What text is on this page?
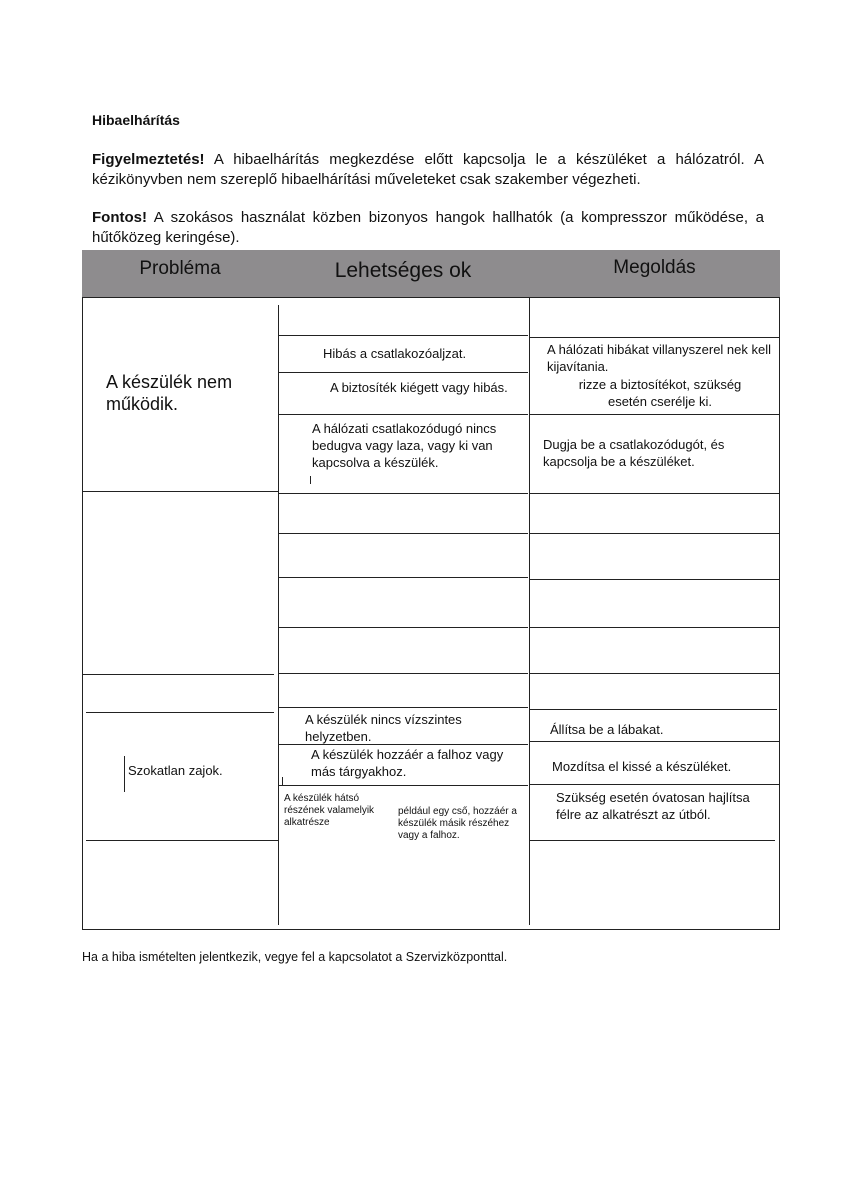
Hibaelhárítás
Figyelmeztetés! A hibaelhárítás megkezdése előtt kapcsolja le a készüléket a hálózatról. A kézikönyvben nem szereplő hibaelhárítási műveleteket csak szakember végezheti.
Fontos! A szokásos használat közben bizonyos hangok hallhatók (a kompresszor működése, a hűtőközeg keringése).
Probléma	Lehetséges ok	Megoldás
A készülék nem működik.
Hibás a csatlakozóaljzat.
A biztosíték kiégett vagy hibás.
A hálózati csatlakozódugó nincs bedugva vagy laza, vagy ki van kapcsolva a készülék.
A hálózati hibákat villanyszerel nek kell kijavítania.
rizze a biztosítékot, szükség esetén cserélje ki.
Dugja be a csatlakozódugót, és kapcsolja be a készüléket.
Szokatlan zajok.
A készülék nincs vízszintes helyzetben.
A készülék hozzáér a falhoz vagy más tárgyakhoz.
A készülék hátsó részének valamelyik alkatrésze
például egy cső, hozzáér a készülék másik részéhez vagy a falhoz.
Állítsa be a lábakat.
Mozdítsa el kissé a készüléket.
Szükség esetén óvatosan hajlítsa félre az alkatrészt az útból.
Ha a hiba ismételten jelentkezik, vegye fel a kapcsolatot a Szervizközponttal.
